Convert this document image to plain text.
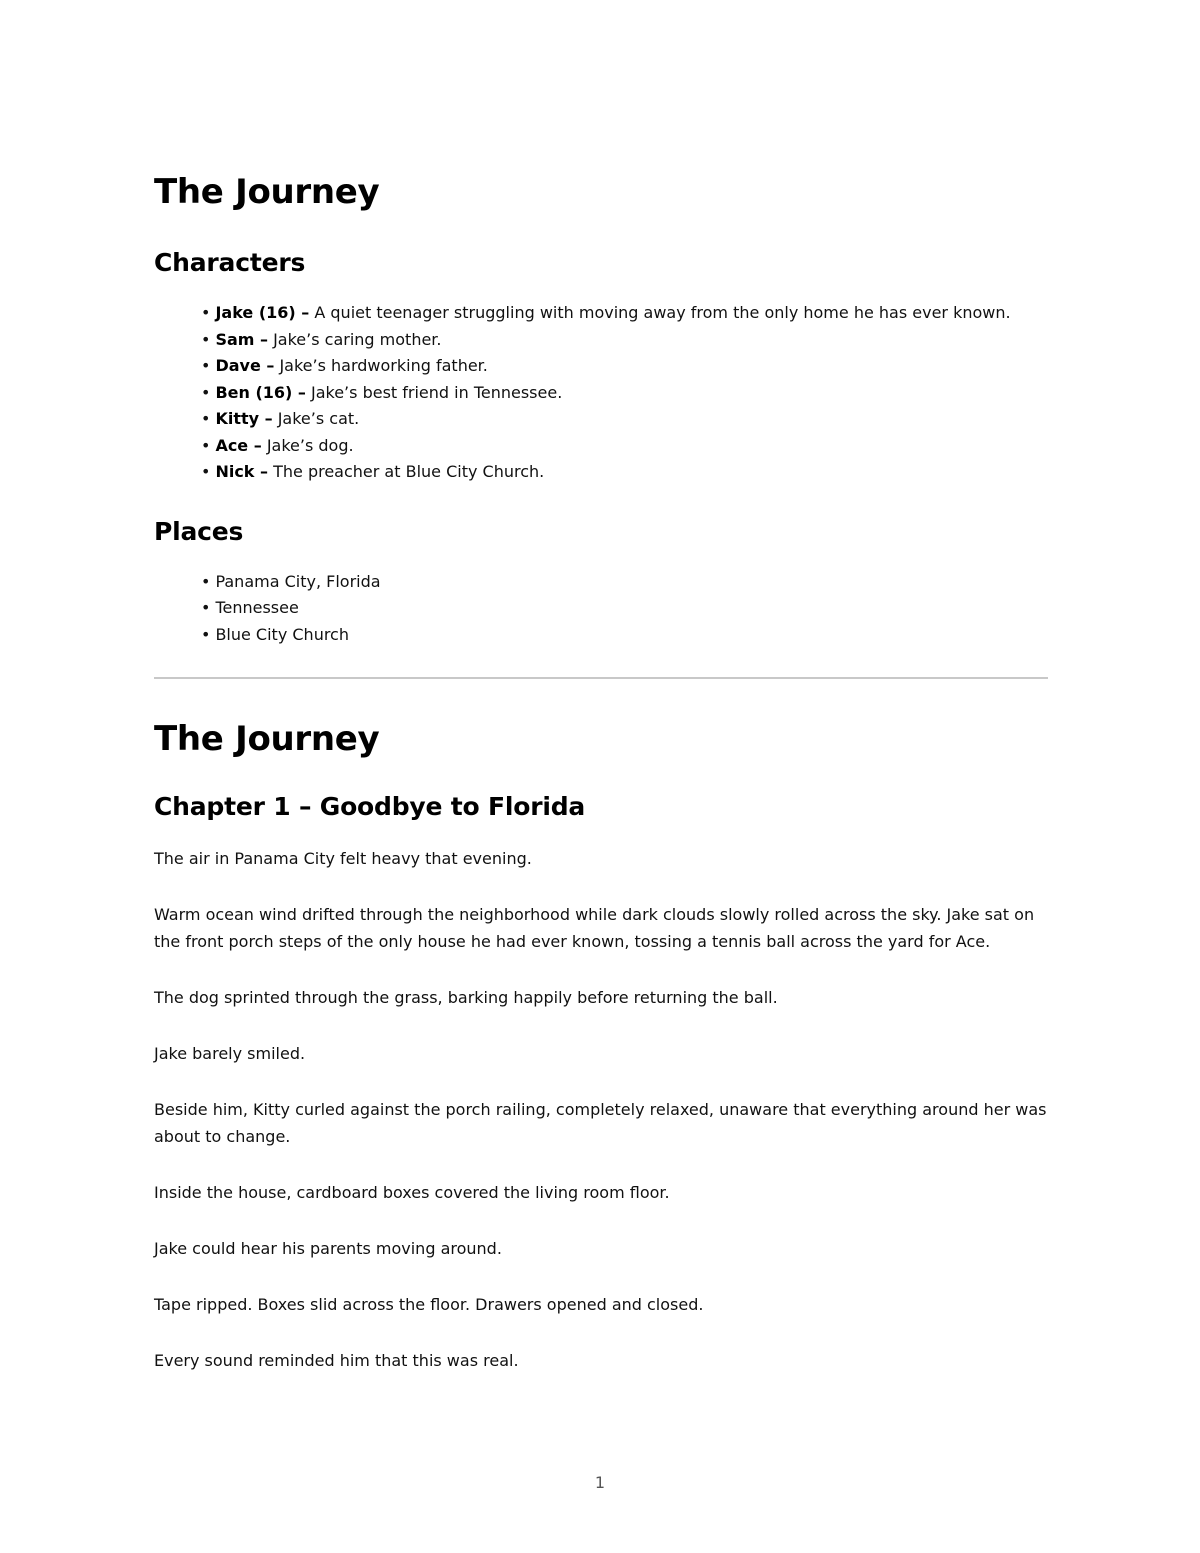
The Journey
Characters
• Jake (16) – A quiet teenager struggling with moving away from the only home he has ever known.
• Sam – Jake’s caring mother.
• Dave – Jake’s hardworking father.
• Ben (16) – Jake’s best friend in Tennessee.
• Kitty – Jake’s cat.
• Ace – Jake’s dog.
• Nick – The preacher at Blue City Church.
Places
• Panama City, Florida
• Tennessee
• Blue City Church
The Journey
Chapter 1 – Goodbye to Florida

The air in Panama City felt heavy that evening.

Warm ocean wind drifted through the neighborhood while dark clouds slowly rolled across the sky. Jake sat on the front porch steps of the only house he had ever known, tossing a tennis ball across the yard for Ace.

The dog sprinted through the grass, barking happily before returning the ball.

Jake barely smiled.

Beside him, Kitty curled against the porch railing, completely relaxed, unaware that everything around her was about to change.

Inside the house, cardboard boxes covered the living room floor.

Jake could hear his parents moving around.

Tape ripped. Boxes slid across the floor. Drawers opened and closed.

Every sound reminded him that this was real.

1
